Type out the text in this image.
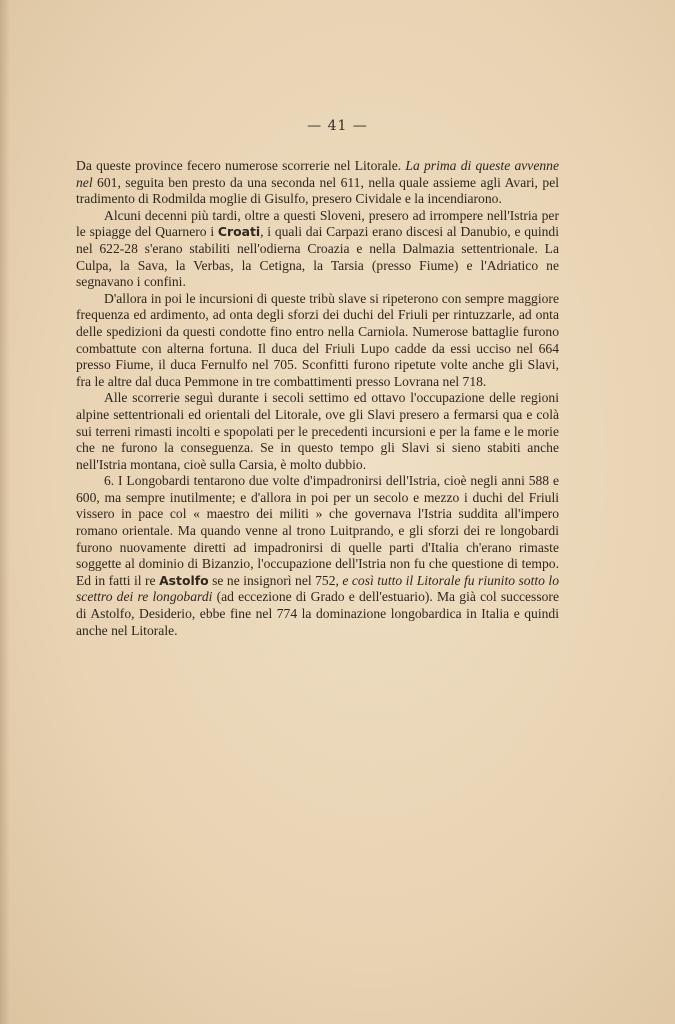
— 41 —

Da queste province fecero numerose scorrerie nel Litorale. La prima di queste avvenne nel 601, seguita ben presto da una seconda nel 611, nella quale assieme agli Avari, pel tradimento di Rodmilda moglie di Gisulfo, presero Cividale e la incendiarono.

Alcuni decenni più tardi, oltre a questi Sloveni, presero ad irrompere nell'Istria per le spiagge del Quarnero i Croati, i quali dai Carpazi erano discesi al Danubio, e quindi nel 622-28 s'erano stabiliti nell'odierna Croazia e nella Dalmazia settentrionale. La Culpa, la Sava, la Verbas, la Cetigna, la Tarsia (presso Fiume) e l'Adriatico ne segnavano i confini.

D'allora in poi le incursioni di queste tribù slave si ripeterono con sempre maggiore frequenza ed ardimento, ad onta degli sforzi dei duchi del Friuli per rintuzzarle, ad onta delle spedizioni da questi condotte fino entro nella Carniola. Numerose battaglie furono combattute con alterna fortuna. Il duca del Friuli Lupo cadde da essi ucciso nel 664 presso Fiume, il duca Fernulfo nel 705. Sconfitti furono ripetute volte anche gli Slavi, fra le altre dal duca Pemmone in tre combattimenti presso Lovrana nel 718.

Alle scorrerie seguì durante i secoli settimo ed ottavo l'occupazione delle regioni alpine settentrionali ed orientali del Litorale, ove gli Slavi presero a fermarsi qua e colà sui terreni rimasti incolti e spopolati per le precedenti incursioni e per la fame e le morie che ne furono la conseguenza. Se in questo tempo gli Slavi si sieno stabiti anche nell'Istria montana, cioè sulla Carsia, è molto dubbio.

6. I Longobardi tentarono due volte d'impadronirsi dell'Istria, cioè negli anni 588 e 600, ma sempre inutilmente; e d'allora in poi per un secolo e mezzo i duchi del Friuli vissero in pace col « maestro dei militi » che governava l'Istria suddita all'impero romano orientale. Ma quando venne al trono Luitprando, e gli sforzi dei re longobardi furono nuovamente diretti ad impadronirsi di quelle parti d'Italia ch'erano rimaste soggette al dominio di Bizanzio, l'occupazione dell'Istria non fu che questione di tempo. Ed in fatti il re Astolfo se ne insignorì nel 752, e così tutto il Litorale fu riunito sotto lo scettro dei re longobardi (ad eccezione di Grado e dell'estuario). Ma già col successore di Astolfo, Desiderio, ebbe fine nel 774 la dominazione longobardica in Italia e quindi anche nel Litorale.
